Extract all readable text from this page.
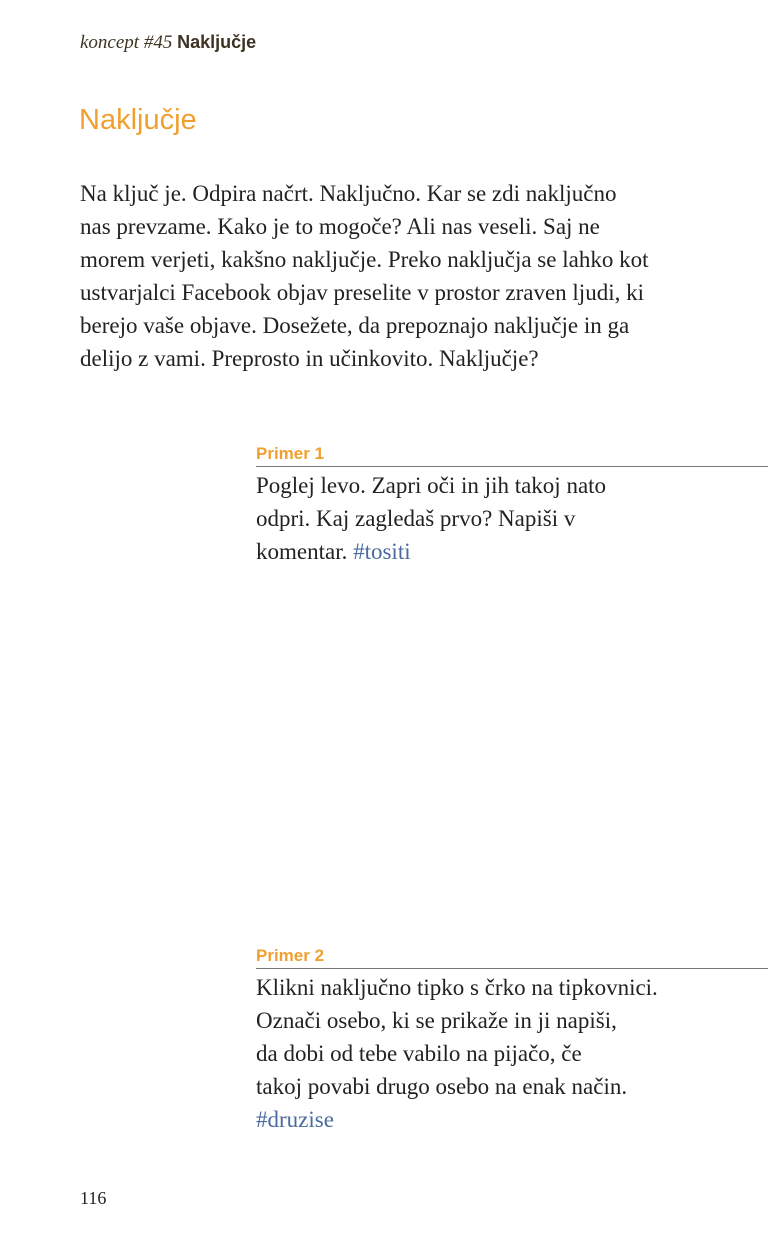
koncept #45 Naključje
Naključje
Na ključ je. Odpira načrt. Naključno. Kar se zdi naključno
nas prevzame. Kako je to mogoče? Ali nas veseli. Saj ne
morem verjeti, kakšno naključje. Preko naključja se lahko kot
ustvarjalci Facebook objav preselite v prostor zraven ljudi, ki
berejo vaše objave. Dosežete, da prepoznajo naključje in ga
delijo z vami. Preprosto in učinkovito. Naključje?
Primer 1
Poglej levo. Zapri oči in jih takoj nato
odpri. Kaj zagledaš prvo? Napiši v
komentar. #tositi
Primer 2
Klikni naključno tipko s črko na tipkovnici.
Označi osebo, ki se prikaže in ji napiši,
da dobi od tebe vabilo na pijačo, če
takoj povabi drugo osebo na enak način.
#druzise
116
